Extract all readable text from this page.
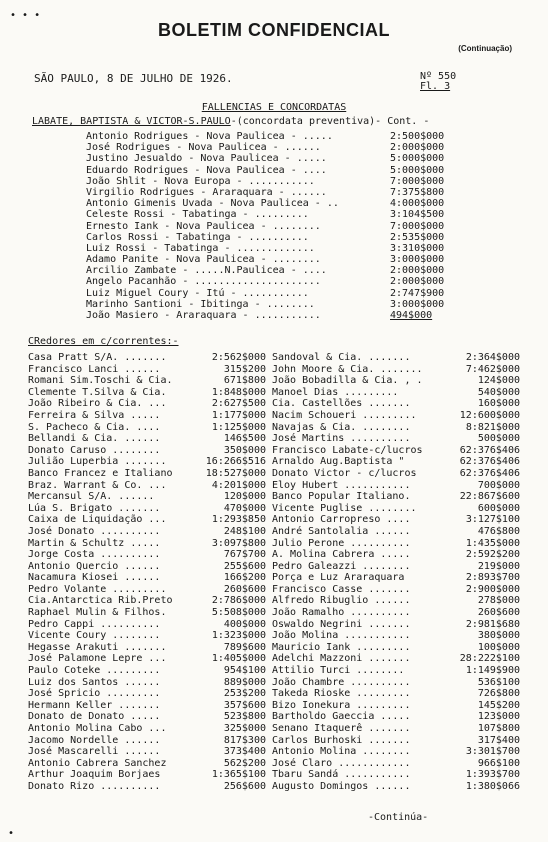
• • •
BOLETIM CONFIDENCIAL
(Continuação)
SÃO PAULO, 8 DE JULHO DE 1926.	Nº 550
Fl. 3
FALLENCIAS E CONCORDATAS
LABATE, BAPTISTA & VICTOR-S.PAULO-(concordata preventiva)- Cont. -
Antonio Rodrigues - Nova Paulicea - .....	2:500$000
José Rodrigues - Nova Paulicea - ......	2:000$000
Justino Jesualdo - Nova Paulicea - .....	5:000$000
Eduardo Rodrigues - Nova Paulicea - ....	5:000$000
João Shlit - Nova Europa - ...........	7:000$000
Virgilio Rodrigues - Araraquara - ......	7:375$800
Antonio Gimenis Uvada - Nova Paulicea - ..	4:000$000
Celeste Rossi - Tabatinga - .........	3:104$500
Ernesto Iank - Nova Paulicea - ........	7:000$000
Carlos Rossi - Tabatinga - ..........	2:535$000
Luiz Rossi - Tabatinga - .............	3:310$000
Adamo Panite - Nova Paulicea - ........	3:000$000
Arcilio Zambate - .....N.Paulicea - ....	2:000$000
Angelo Pacanhão - .....................	2:000$000
Luiz Miguel Coury - Itú - ...........	2:747$900
Marinho Santioni - Ibitinga - ........	3:000$000
João Masiero - Araraquara - ...........	494$000
CRedores em c/correntes:-
Casa Pratt S/A. .......	2:562$000 Sandoval & Cia. .......	2:364$000
Francisco Lanci ......	315$200 John Moore & Cia. .......	7:462$000
Romani Sim.Toschi & Cia.	671$800 João Bobadilla & Cia. , .	124$000
Clemente T.Silva & Cia.	1:848$000 Manoel Dias .........	540$000
João Ribeiro & Cia. ...	2:627$500 Cia. Castellões .......	160$000
Ferreira & Silva .....	1:177$000 Nacim Schoueri .........	12:600$000
S. Pacheco & Cia. ....	1:125$000 Navajas & Cia. ........	8:821$000
Bellandi & Cia. ......	146$500 José Martins ..........	500$000
Donato Caruso ........	350$000 Francisco Labate-c/lucros	62:376$406
Julião Luperbia .......	16:266$516 Arnaldo Aug.Baptista "	62:376$406
Banco Francez e Italiano	18:527$000 Donato Victor - c/lucros	62:376$406
Braz. Warrant & Co. ...	4:201$000 Eloy Hubert ...........	700$000
Mercansul S/A. ......	120$000 Banco Popular Italiano.	22:867$600
Lúa S. Brigato .......	470$000 Vicente Puglise ........	600$000
Caixa de Liquidação ...	1:293$850 Antonio Carropreso ....	3:127$100
José Donato ..........	248$100 André Santolalia ......	476$800
Martin & Schultz .....	3:097$800 Julio Perone ..........	1:435$000
Jorge Costa ..........	767$700 A. Molina Cabrera .....	2:592$200
Antonio Quercio ......	255$600 Pedro Galeazzi ........	219$000
Nacamura Kiosei ......	166$200 Porça e Luz Araraquara	2:893$700
Pedro Volante .........	260$600 Francisco Casse .......	2:900$000
Cia.Antarctica Rib.Preto	2:786$000 Alfredo Ribuglio ......	278$000
Raphael Mulin & Filhos.	5:508$000 João Ramalho ..........	260$600
Pedro Cappi ..........	400$000 Oswaldo Negrini .......	2:981$680
Vicente Coury ........	1:323$000 João Molina ...........	380$000
Hegasse Arakuti .......	789$600 Mauricio Iank .........	100$000
José Palamone Lepre ...	1:405$000 Adelchi Mazzoni .......	28:222$100
Paulo Coteke .........	954$100 Attilio Turci ........	1:149$900
Luiz dos Santos ......	889$000 João Chambre ..........	536$100
José Spricio .........	253$200 Takeda Rioske .........	726$800
Hermann Keller .......	357$600 Bizo Ionekura .........	145$200
Donato de Donato .....	523$800 Bartholdo Gaeccia .....	123$000
Antonio Molina Cabo ...	325$000 Senano Itaquerê .......	107$800
Jacomo Nordelle ......	817$300 Carlos Burhoski .......	317$400
José Mascarelli ......	373$400 Antonio Molina ........	3:301$700
Antonio Cabrera Sanchez	562$200 José Claro ............	966$100
Arthur Joaquim Borjaes	1:365$100 Tbaru Sandá ...........	1:393$700
Donato Rizo ..........	256$600 Augusto Domingos ......	1:380$066
-Continúa-
•
